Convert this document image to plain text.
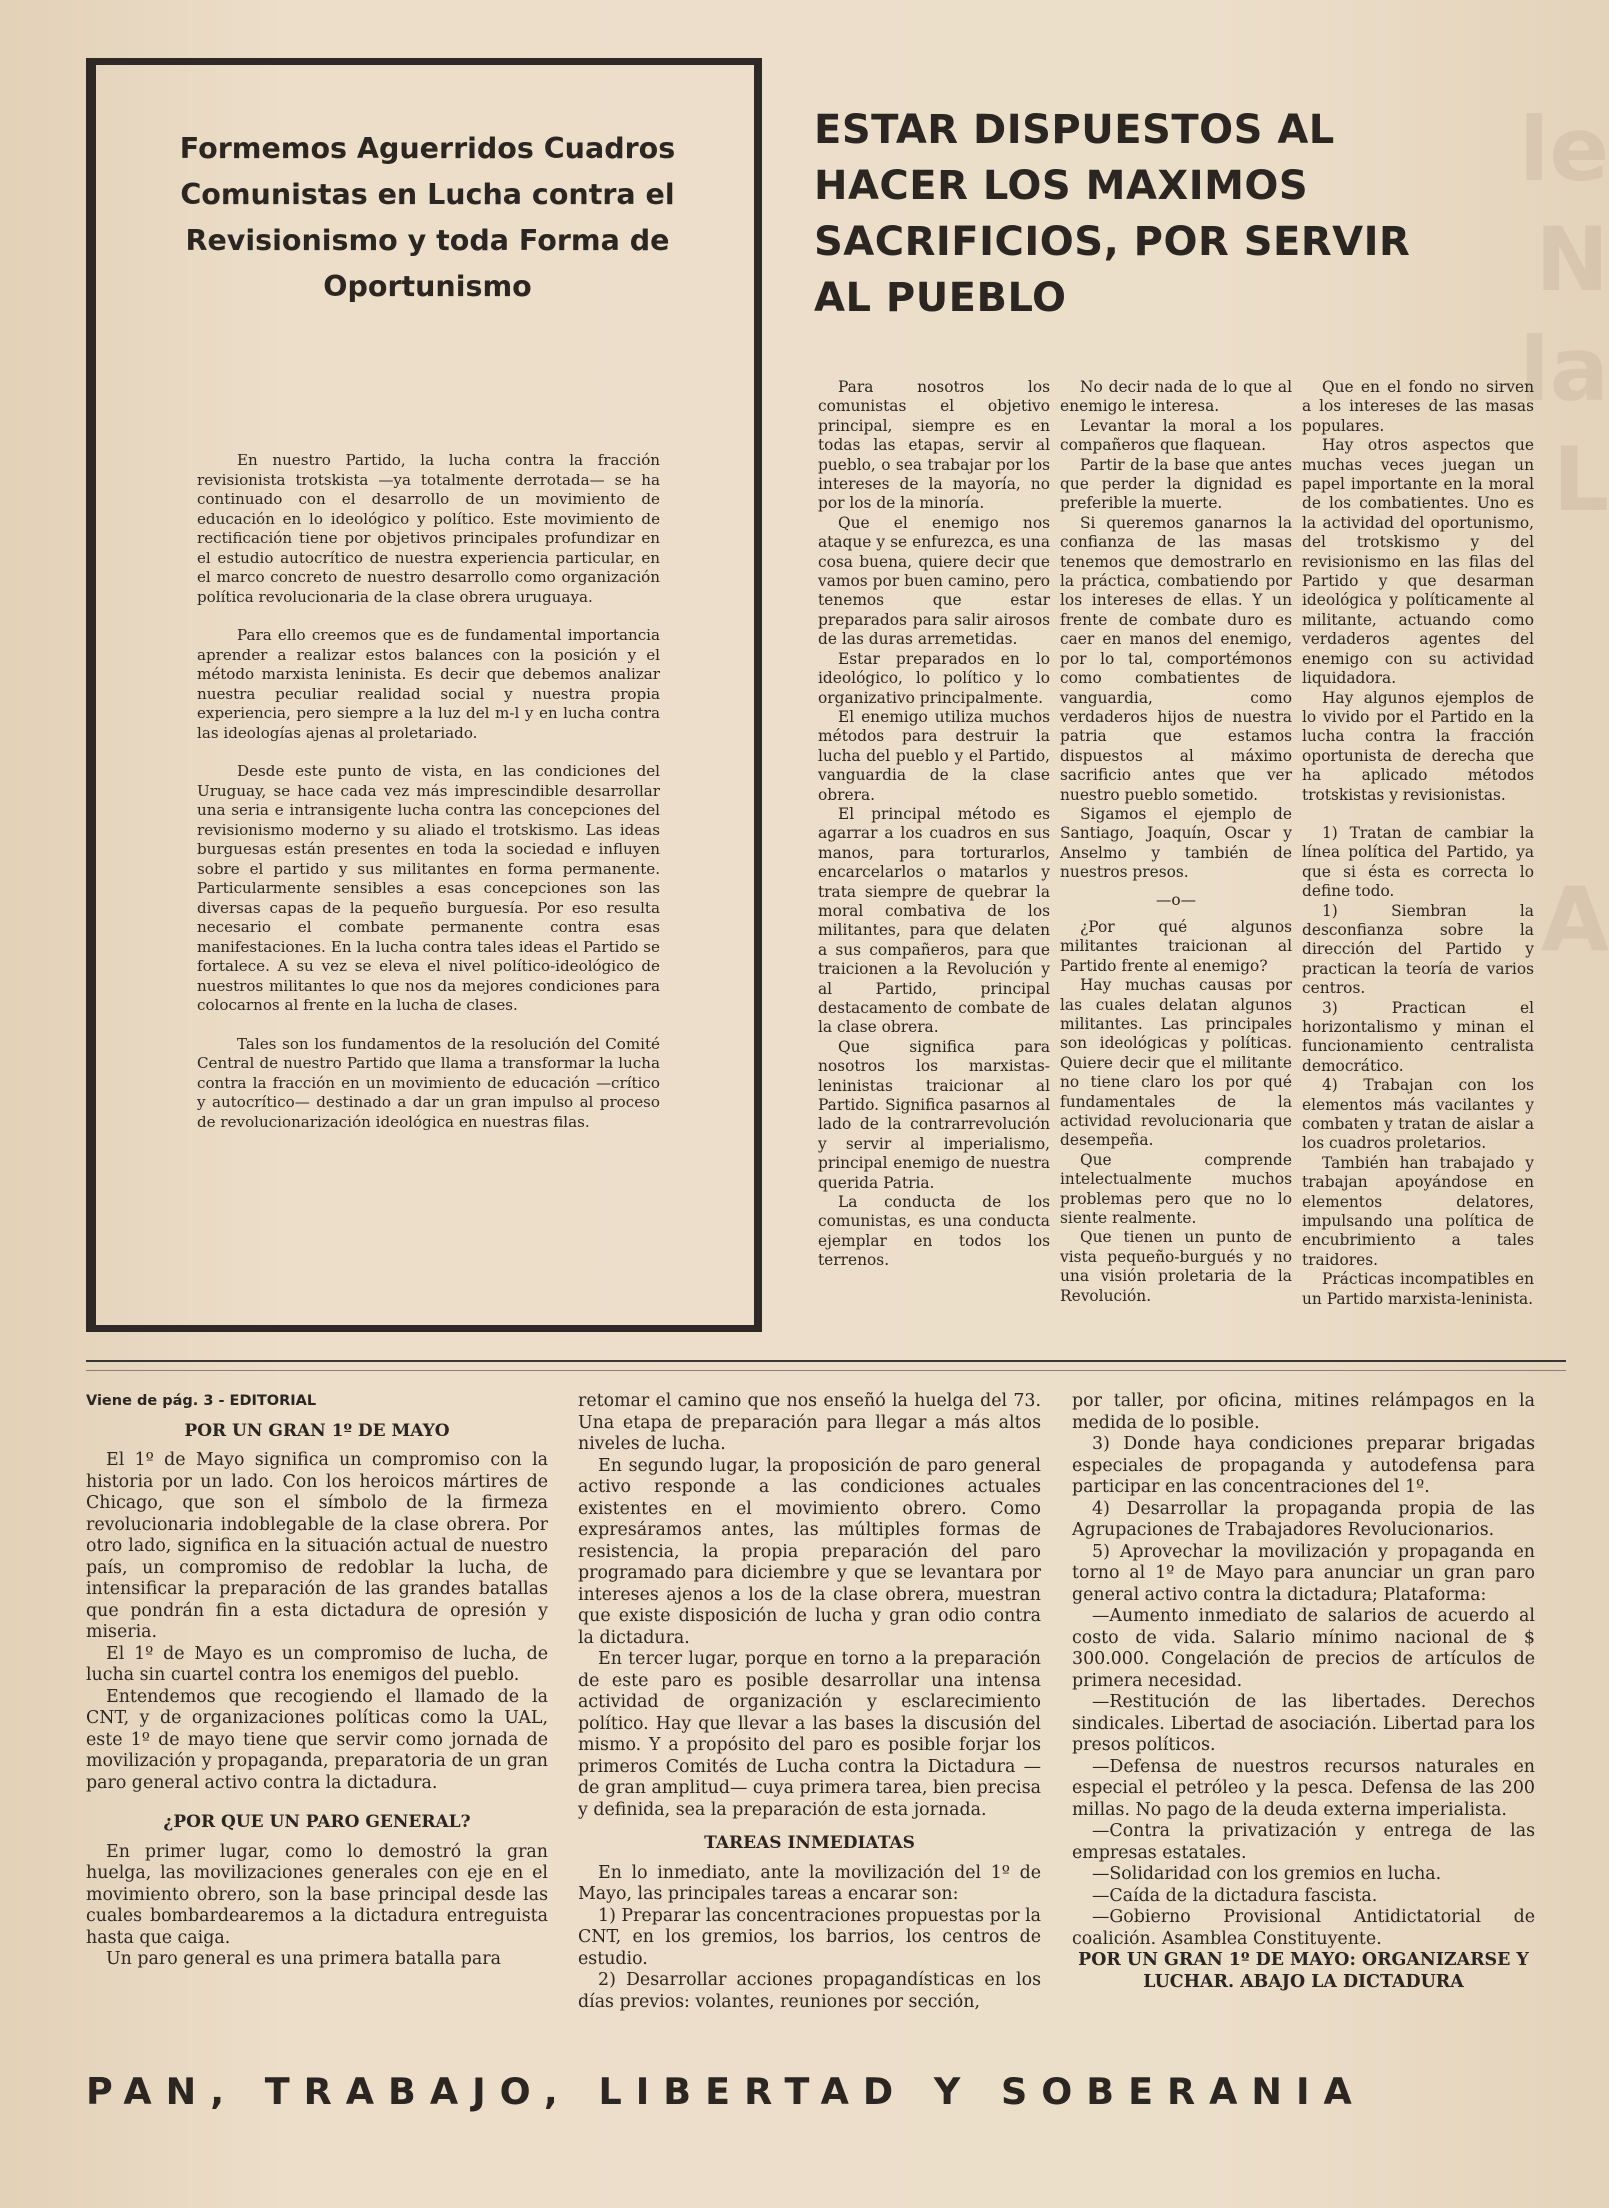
le N
la L

A
Formemos Aguerridos Cuadros Comunistas en Lucha contra el Revisionismo y toda Forma de Oportunismo

En nuestro Partido, la lucha contra la fracción revisionista trotskista —ya totalmente derrotada— se ha continuado con el desarrollo de un movimiento de educación en lo ideológico y político. Este movimiento de rectificación tiene por objetivos principales profundizar en el estudio autocrítico de nuestra experiencia particular, en el marco concreto de nuestro desarrollo como organización política revolucionaria de la clase obrera uruguaya.

Para ello creemos que es de fundamental importancia aprender a realizar estos balances con la posición y el método marxista leninista. Es decir que debemos analizar nuestra peculiar realidad social y nuestra propia experiencia, pero siempre a la luz del m-l y en lucha contra las ideologías ajenas al proletariado.

Desde este punto de vista, en las condiciones del Uruguay, se hace cada vez más imprescindible desarrollar una seria e intransigente lucha contra las concepciones del revisionismo moderno y su aliado el trotskismo. Las ideas burguesas están presentes en toda la sociedad e influyen sobre el partido y sus militantes en forma permanente. Particularmente sensibles a esas concepciones son las diversas capas de la pequeño burguesía. Por eso resulta necesario el combate permanente contra esas manifestaciones. En la lucha contra tales ideas el Partido se fortalece. A su vez se eleva el nivel político-ideológico de nuestros militantes lo que nos da mejores condiciones para colocarnos al frente en la lucha de clases.

Tales son los fundamentos de la resolución del Comité Central de nuestro Partido que llama a transformar la lucha contra la fracción en un movimiento de educación —crítico y autocrítico— destinado a dar un gran impulso al proceso de revolucionarización ideológica en nuestras filas.

ESTAR DISPUESTOS AL HACER LOS MAXIMOS SACRIFICIOS, POR SERVIR AL PUEBLO

Para nosotros los comunistas el objetivo principal, siempre es en todas las etapas, servir al pueblo, o sea trabajar por los intereses de la mayoría, no por los de la minoría.

Que el enemigo nos ataque y se enfurezca, es una cosa buena, quiere decir que vamos por buen camino, pero tenemos que estar preparados para salir airosos de las duras arremetidas.

Estar preparados en lo ideológico, lo político y lo organizativo principalmente.

El enemigo utiliza muchos métodos para destruir la lucha del pueblo y el Partido, vanguardia de la clase obrera.

El principal método es agarrar a los cuadros en sus manos, para torturarlos, encarcelarlos o matarlos y trata siempre de quebrar la moral combativa de los militantes, para que delaten a sus compañeros, para que traicionen a la Revolución y al Partido, principal destacamento de combate de la clase obrera.

Que significa para nosotros los marxistas-leninistas traicionar al Partido. Significa pasarnos al lado de la contrarrevolución y servir al imperialismo, principal enemigo de nuestra querida Patria.

La conducta de los comunistas, es una conducta ejemplar en todos los terrenos.

No decir nada de lo que al enemigo le interesa.

Levantar la moral a los compañeros que flaquean.

Partir de la base que antes que perder la dignidad es preferible la muerte.

Si queremos ganarnos la confianza de las masas tenemos que demostrarlo en la práctica, combatiendo por los intereses de ellas. Y un frente de combate duro es caer en manos del enemigo, por lo tal, comportémonos como combatientes de vanguardia, como verdaderos hijos de nuestra patria que estamos dispuestos al máximo sacrificio antes que ver nuestro pueblo sometido.

Sigamos el ejemplo de Santiago, Joaquín, Oscar y Anselmo y también de nuestros presos.

—o—

¿Por qué algunos militantes traicionan al Partido frente al enemigo?

Hay muchas causas por las cuales delatan algunos militantes. Las principales son ideológicas y políticas. Quiere decir que el militante no tiene claro los por qué fundamentales de la actividad revolucionaria que desempeña.

Que comprende intelectualmente muchos problemas pero que no lo siente realmente.

Que tienen un punto de vista pequeño-burgués y no una visión proletaria de la Revolución.

Que en el fondo no sirven a los intereses de las masas populares.

Hay otros aspectos que muchas veces juegan un papel importante en la moral de los combatientes. Uno es la actividad del oportunismo, del trotskismo y del revisionismo en las filas del Partido y que desarman ideológica y políticamente al militante, actuando como verdaderos agentes del enemigo con su actividad liquidadora.

Hay algunos ejemplos de lo vivido por el Partido en la lucha contra la fracción oportunista de derecha que ha aplicado métodos trotskistas y revisionistas.

1) Tratan de cambiar la línea política del Partido, ya que si ésta es correcta lo define todo.

1) Siembran la desconfianza sobre la dirección del Partido y practican la teoría de varios centros.

3) Practican el horizontalismo y minan el funcionamiento centralista democrático.

4) Trabajan con los elementos más vacilantes y combaten y tratan de aislar a los cuadros proletarios.

También han trabajado y trabajan apoyándose en elementos delatores, impulsando una política de encubrimiento a tales traidores.

Prácticas incompatibles en un Partido marxista-leninista.

Viene de pág. 3 - EDITORIAL

POR UN GRAN 1º DE MAYO

El 1º de Mayo significa un compromiso con la historia por un lado. Con los heroicos mártires de Chicago, que son el símbolo de la firmeza revolucionaria indoblegable de la clase obrera. Por otro lado, significa en la situación actual de nuestro país, un compromiso de redoblar la lucha, de intensificar la preparación de las grandes batallas que pondrán fin a esta dictadura de opresión y miseria.

El 1º de Mayo es un compromiso de lucha, de lucha sin cuartel contra los enemigos del pueblo.

Entendemos que recogiendo el llamado de la CNT, y de organizaciones políticas como la UAL, este 1º de mayo tiene que servir como jornada de movilización y propaganda, preparatoria de un gran paro general activo contra la dictadura.

¿POR QUE UN PARO GENERAL?

En primer lugar, como lo demostró la gran huelga, las movilizaciones generales con eje en el movimiento obrero, son la base principal desde las cuales bombardearemos a la dictadura entreguista hasta que caiga.

Un paro general es una primera batalla para

retomar el camino que nos enseñó la huelga del 73. Una etapa de preparación para llegar a más altos niveles de lucha.

En segundo lugar, la proposición de paro general activo responde a las condiciones actuales existentes en el movimiento obrero. Como expresáramos antes, las múltiples formas de resistencia, la propia preparación del paro programado para diciembre y que se levantara por intereses ajenos a los de la clase obrera, muestran que existe disposición de lucha y gran odio contra la dictadura.

En tercer lugar, porque en torno a la preparación de este paro es posible desarrollar una intensa actividad de organización y esclarecimiento político. Hay que llevar a las bases la discusión del mismo. Y a propósito del paro es posible forjar los primeros Comités de Lucha contra la Dictadura —de gran amplitud— cuya primera tarea, bien precisa y definida, sea la preparación de esta jornada.

TAREAS INMEDIATAS

En lo inmediato, ante la movilización del 1º de Mayo, las principales tareas a encarar son:

1) Preparar las concentraciones propuestas por la CNT, en los gremios, los barrios, los centros de estudio.

2) Desarrollar acciones propagandísticas en los días previos: volantes, reuniones por sección,

por taller, por oficina, mitines relámpagos en la medida de lo posible.

3) Donde haya condiciones preparar brigadas especiales de propaganda y autodefensa para participar en las concentraciones del 1º.

4) Desarrollar la propaganda propia de las Agrupaciones de Trabajadores Revolucionarios.

5) Aprovechar la movilización y propaganda en torno al 1º de Mayo para anunciar un gran paro general activo contra la dictadura; Plataforma:

—Aumento inmediato de salarios de acuerdo al costo de vida. Salario mínimo nacional de $ 300.000. Congelación de precios de artículos de primera necesidad.

—Restitución de las libertades. Derechos sindicales. Libertad de asociación. Libertad para los presos políticos.

—Defensa de nuestros recursos naturales en especial el petróleo y la pesca. Defensa de las 200 millas. No pago de la deuda externa imperialista.

—Contra la privatización y entrega de las empresas estatales.

—Solidaridad con los gremios en lucha.

—Caída de la dictadura fascista.

—Gobierno Provisional Antidictatorial de coalición. Asamblea Constituyente.

POR UN GRAN 1º DE MAYO: ORGANIZARSE Y LUCHAR. ABAJO LA DICTADURA

PAN, TRABAJO, LIBERTAD Y SOBERANIA
